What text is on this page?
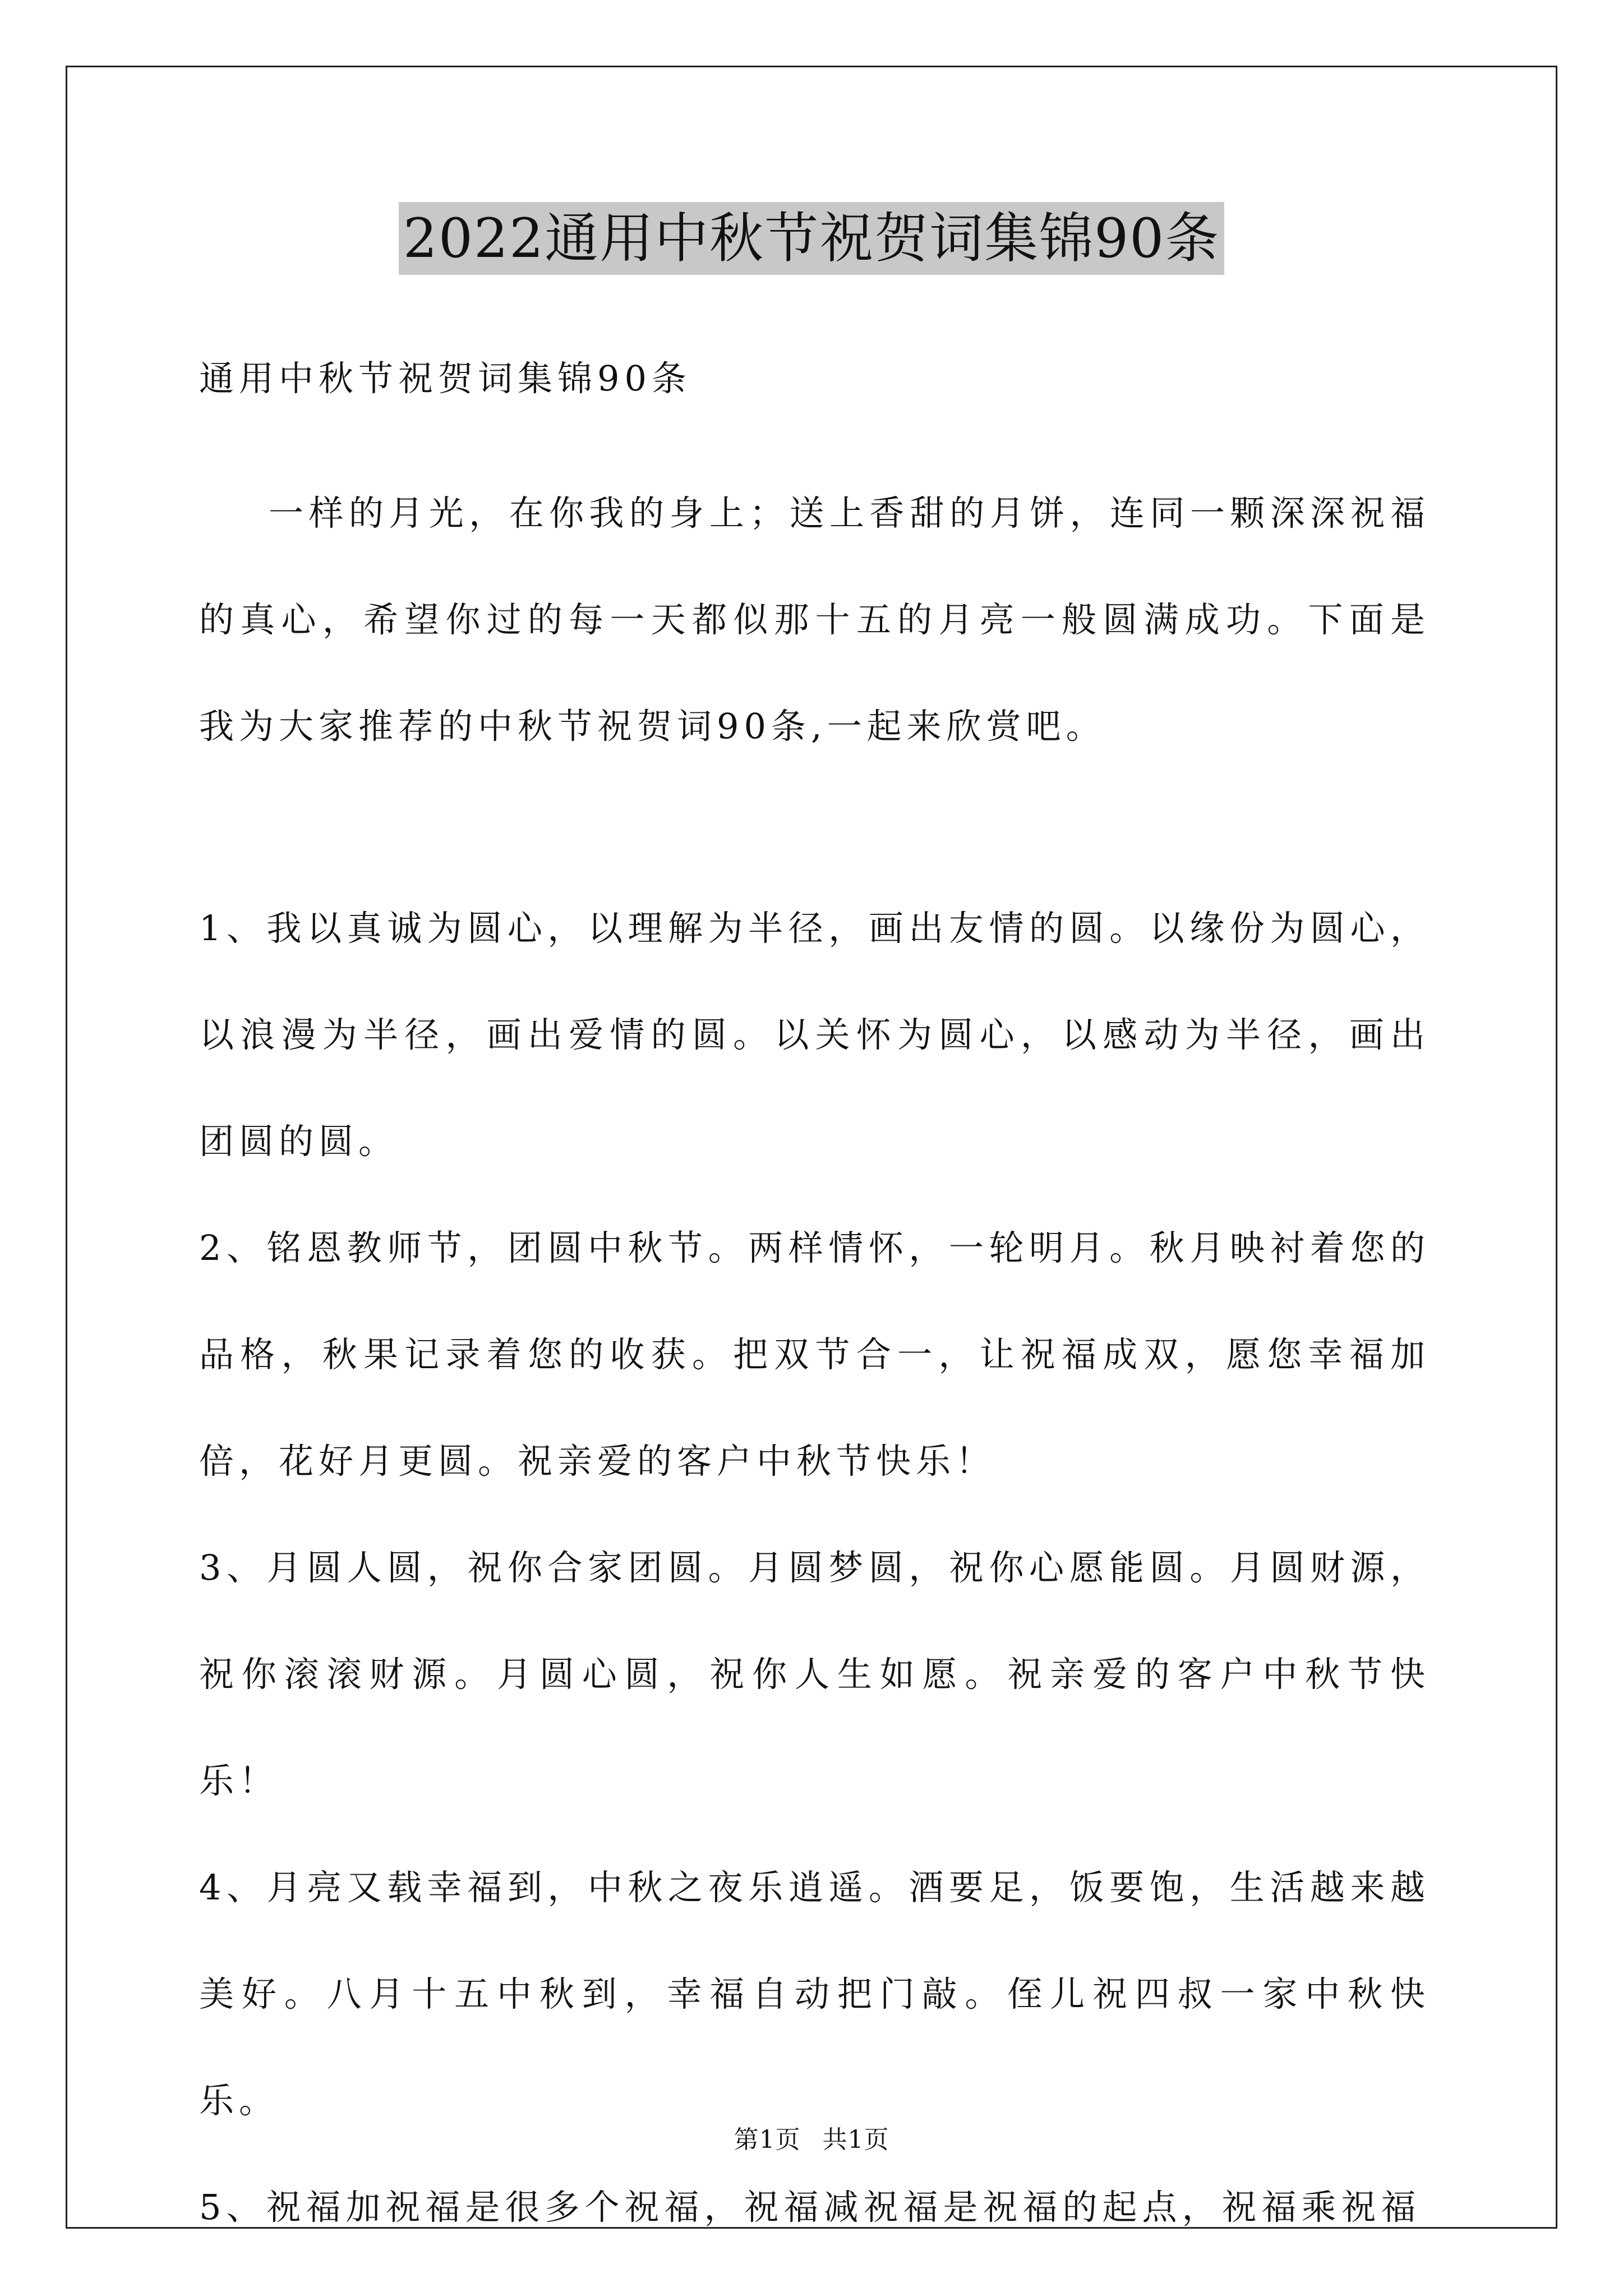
2022通用中秋节祝贺词集锦90条
通用中秋节祝贺词集锦90条
一样的月光，在你我的身上；送上香甜的月饼，连同一颗深深祝福的真心，希望你过的每一天都似那十五的月亮一般圆满成功。下面是我为大家推荐的中秋节祝贺词90条,一起来欣赏吧。

1、我以真诚为圆心，以理解为半径，画出友情的圆。以缘份为圆心，以浪漫为半径，画出爱情的圆。以关怀为圆心，以感动为半径，画出团圆的圆。

2、铭恩教师节，团圆中秋节。两样情怀，一轮明月。秋月映衬着您的品格，秋果记录着您的收获。把双节合一，让祝福成双，愿您幸福加倍，花好月更圆。祝亲爱的客户中秋节快乐！

3、月圆人圆，祝你合家团圆。月圆梦圆，祝你心愿能圆。月圆财源，祝你滚滚财源。月圆心圆，祝你人生如愿。祝亲爱的客户中秋节快乐！

4、月亮又载幸福到，中秋之夜乐逍遥。酒要足，饭要饱，生活越来越美好。八月十五中秋到，幸福自动把门敲。侄儿祝四叔一家中秋快乐。

5、祝福加祝福是很多个祝福，祝福减祝福是祝福的起点，祝福乘祝福

第1页 共1页
